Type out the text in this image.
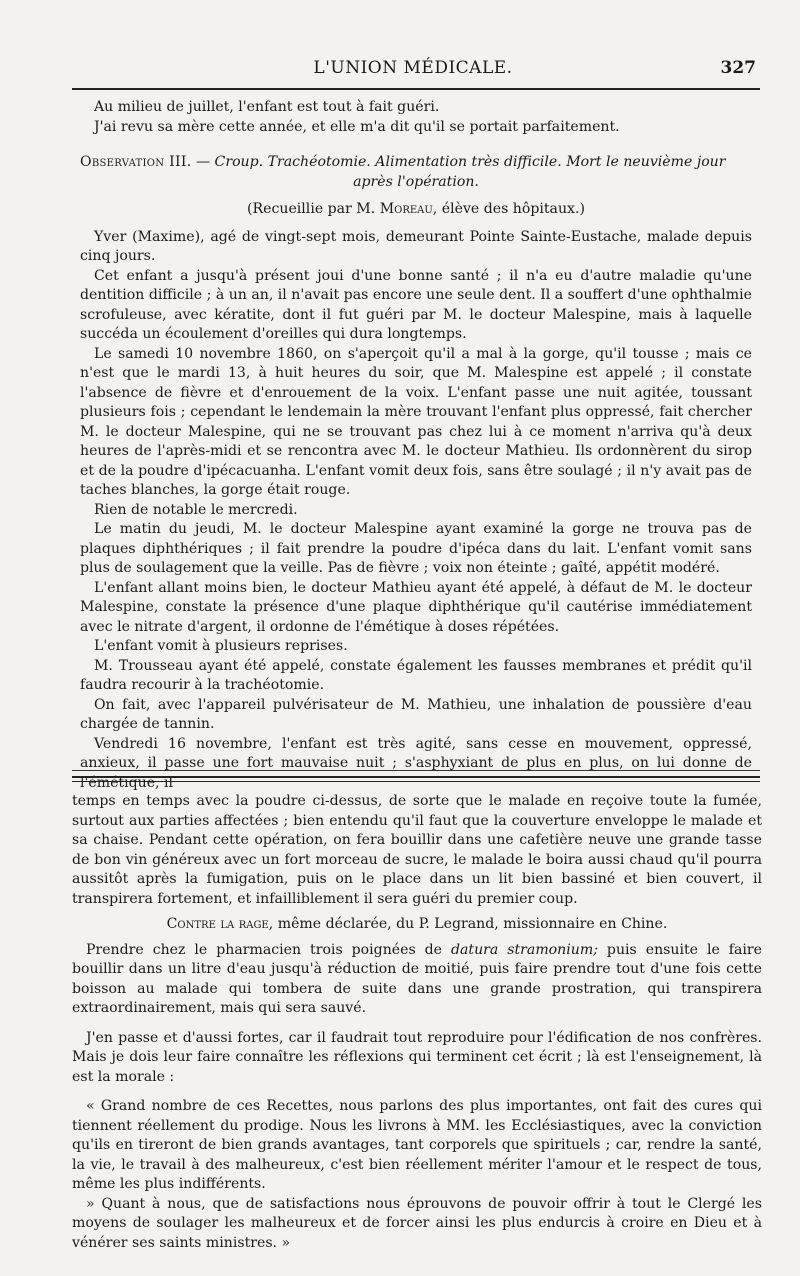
L'UNION MÉDICALE.	327

Au milieu de juillet, l'enfant est tout à fait guéri.

J'ai revu sa mère cette année, et elle m'a dit qu'il se portait parfaitement.

Observation III. — Croup. Trachéotomie. Alimentation très difficile. Mort le neuvième jour

après l'opération.

(Recueillie par M. Moreau, élève des hôpitaux.)

Yver (Maxime), agé de vingt-sept mois, demeurant Pointe Sainte-Eustache, malade depuis cinq jours.

Cet enfant a jusqu'à présent joui d'une bonne santé ; il n'a eu d'autre maladie qu'une dentition difficile ; à un an, il n'avait pas encore une seule dent. Il a souffert d'une ophthalmie scrofuleuse, avec kératite, dont il fut guéri par M. le docteur Malespine, mais à laquelle succéda un écoulement d'oreilles qui dura longtemps.

Le samedi 10 novembre 1860, on s'aperçoit qu'il a mal à la gorge, qu'il tousse ; mais ce n'est que le mardi 13, à huit heures du soir, que M. Malespine est appelé ; il constate l'absence de fièvre et d'enrouement de la voix. L'enfant passe une nuit agitée, toussant plusieurs fois ; cependant le lendemain la mère trouvant l'enfant plus oppressé, fait chercher M. le docteur Malespine, qui ne se trouvant pas chez lui à ce moment n'arriva qu'à deux heures de l'après-midi et se rencontra avec M. le docteur Mathieu. Ils ordonnèrent du sirop et de la poudre d'ipécacuanha. L'enfant vomit deux fois, sans être soulagé ; il n'y avait pas de taches blanches, la gorge était rouge.

Rien de notable le mercredi.

Le matin du jeudi, M. le docteur Malespine ayant examiné la gorge ne trouva pas de plaques diphthériques ; il fait prendre la poudre d'ipéca dans du lait. L'enfant vomit sans plus de soulagement que la veille. Pas de fièvre ; voix non éteinte ; gaîté, appétit modéré.

L'enfant allant moins bien, le docteur Mathieu ayant été appelé, à défaut de M. le docteur Malespine, constate la présence d'une plaque diphthérique qu'il cautérise immédiatement avec le nitrate d'argent, il ordonne de l'émétique à doses répétées.

L'enfant vomit à plusieurs reprises.

M. Trousseau ayant été appelé, constate également les fausses membranes et prédit qu'il faudra recourir à la trachéotomie.

On fait, avec l'appareil pulvérisateur de M. Mathieu, une inhalation de poussière d'eau chargée de tannin.

Vendredi 16 novembre, l'enfant est très agité, sans cesse en mouvement, oppressé, anxieux, il passe une fort mauvaise nuit ; s'asphyxiant de plus en plus, on lui donne de l'émétique, il

temps en temps avec la poudre ci-dessus, de sorte que le malade en reçoive toute la fumée, surtout aux parties affectées ; bien entendu qu'il faut que la couverture enveloppe le malade et sa chaise. Pendant cette opération, on fera bouillir dans une cafetière neuve une grande tasse de bon vin généreux avec un fort morceau de sucre, le malade le boira aussi chaud qu'il pourra aussitôt après la fumigation, puis on le place dans un lit bien bassiné et bien couvert, il transpirera fortement, et infailliblement il sera guéri du premier coup.

Contre la rage, même déclarée, du P. Legrand, missionnaire en Chine.

Prendre chez le pharmacien trois poignées de datura stramonium; puis ensuite le faire bouillir dans un litre d'eau jusqu'à réduction de moitié, puis faire prendre tout d'une fois cette boisson au malade qui tombera de suite dans une grande prostration, qui transpirera extraordinairement, mais qui sera sauvé.

J'en passe et d'aussi fortes, car il faudrait tout reproduire pour l'édification de nos confrères. Mais je dois leur faire connaître les réflexions qui terminent cet écrit ; là est l'enseignement, là est la morale :

« Grand nombre de ces Recettes, nous parlons des plus importantes, ont fait des cures qui tiennent réellement du prodige. Nous les livrons à MM. les Ecclésiastiques, avec la conviction qu'ils en tireront de bien grands avantages, tant corporels que spirituels ; car, rendre la santé, la vie, le travail à des malheureux, c'est bien réellement mériter l'amour et le respect de tous, même les plus indifférents.

» Quant à nous, que de satisfactions nous éprouvons de pouvoir offrir à tout le Clergé les moyens de soulager les malheureux et de forcer ainsi les plus endurcis à croire en Dieu et à vénérer ses saints ministres. »
